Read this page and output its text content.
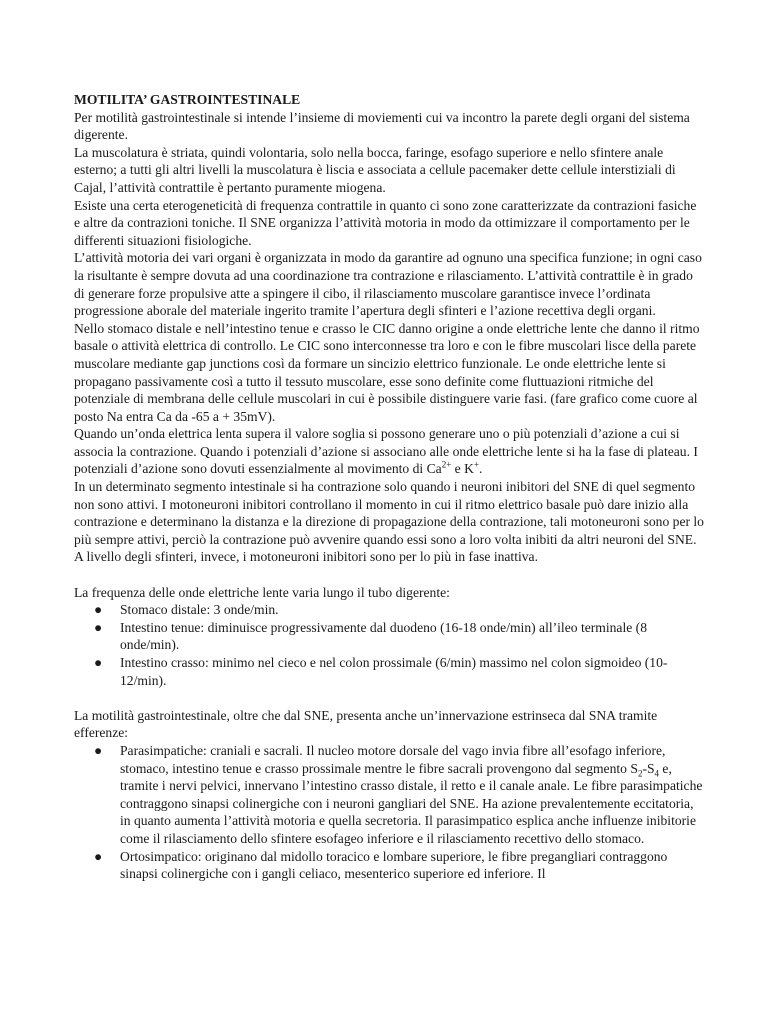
MOTILITA’ GASTROINTESTINALE

Per motilità gastrointestinale si intende l’insieme di moviementi cui va incontro la parete degli organi del sistema digerente.

La muscolatura è striata, quindi volontaria, solo nella bocca, faringe, esofago superiore e nello sfintere anale esterno; a tutti gli altri livelli la muscolatura è liscia e associata a cellule pacemaker dette cellule interstiziali di Cajal, l’attività contrattile è pertanto puramente miogena.

Esiste una certa eterogeneticità di frequenza contrattile in quanto ci sono zone caratterizzate da contrazioni fasiche e altre da contrazioni toniche. Il SNE organizza l’attività motoria in modo da ottimizzare il comportamento per le differenti situazioni fisiologiche.

L’attività motoria dei vari organi è organizzata in modo da garantire ad ognuno una specifica funzione; in ogni caso la risultante è sempre dovuta ad una coordinazione tra contrazione e rilasciamento. L’attività contrattile è in grado di generare forze propulsive atte a spingere il cibo, il rilasciamento muscolare garantisce invece l’ordinata progressione aborale del materiale ingerito tramite l’apertura degli sfinteri e l’azione recettiva degli organi.

Nello stomaco distale e nell’intestino tenue e crasso le CIC danno origine a onde elettriche lente che danno il ritmo basale o attività elettrica di controllo. Le CIC sono interconnesse tra loro e con le fibre muscolari lisce della parete muscolare mediante gap junctions così da formare un sincizio elettrico funzionale. Le onde elettriche lente si propagano passivamente così a tutto il tessuto muscolare, esse sono definite come fluttuazioni ritmiche del potenziale di membrana delle cellule muscolari in cui è possibile distinguere varie fasi. (fare grafico come cuore al posto Na entra Ca da -65 a + 35mV).

Quando un’onda elettrica lenta supera il valore soglia si possono generare uno o più potenziali d’azione a cui si associa la contrazione. Quando i potenziali d’azione si associano alle onde elettriche lente si ha la fase di plateau. I potenziali d’azione sono dovuti essenzialmente al movimento di $Ca^{2+}$ e K+.

In un determinato segmento intestinale si ha contrazione solo quando i neuroni inibitori del SNE di quel segmento non sono attivi. I motoneuroni inibitori controllano il momento in cui il ritmo elettrico basale può dare inizio alla contrazione e determinano la distanza e la direzione di propagazione della contrazione, tali motoneuroni sono per lo più sempre attivi, perciò la contrazione può avvenire quando essi sono a loro volta inibiti da altri neuroni del SNE. A livello degli sfinteri, invece, i motoneuroni inibitori sono per lo più in fase inattiva.

La frequenza delle onde elettriche lente varia lungo il tubo digerente:

● Stomaco distale: 3 onde/min.
● Intestino tenue: diminuisce progressivamente dal duodeno (16-18 onde/min) all’ileo terminale (8 onde/min).
● Intestino crasso: minimo nel cieco e nel colon prossimale (6/min) massimo nel colon sigmoideo (10-12/min).

La motilità gastrointestinale, oltre che dal SNE, presenta anche un’innervazione estrinseca dal SNA tramite efferenze:

● Parasimpatiche: craniali e sacrali. Il nucleo motore dorsale del vago invia fibre all’esofago inferiore, stomaco, intestino tenue e crasso prossimale mentre le fibre sacrali provengono dal segmento $S_2-S_4$ e, tramite i nervi pelvici, innervano l’intestino crasso distale, il retto e il canale anale. Le fibre parasimpatiche contraggono sinapsi colinergiche con i neuroni gangliari del SNE. Ha azione prevalentemente eccitatoria, in quanto aumenta l’attività motoria e quella secretoria. Il parasimpatico esplica anche influenze inibitorie come il rilasciamento dello sfintere esofageo inferiore e il rilasciamento recettivo dello stomaco.
● Ortosimpatico: originano dal midollo toracico e lombare superiore, le fibre pregangliari contraggono sinapsi colinergiche con i gangli celiaco, mesenterico superiore ed inferiore. Il
